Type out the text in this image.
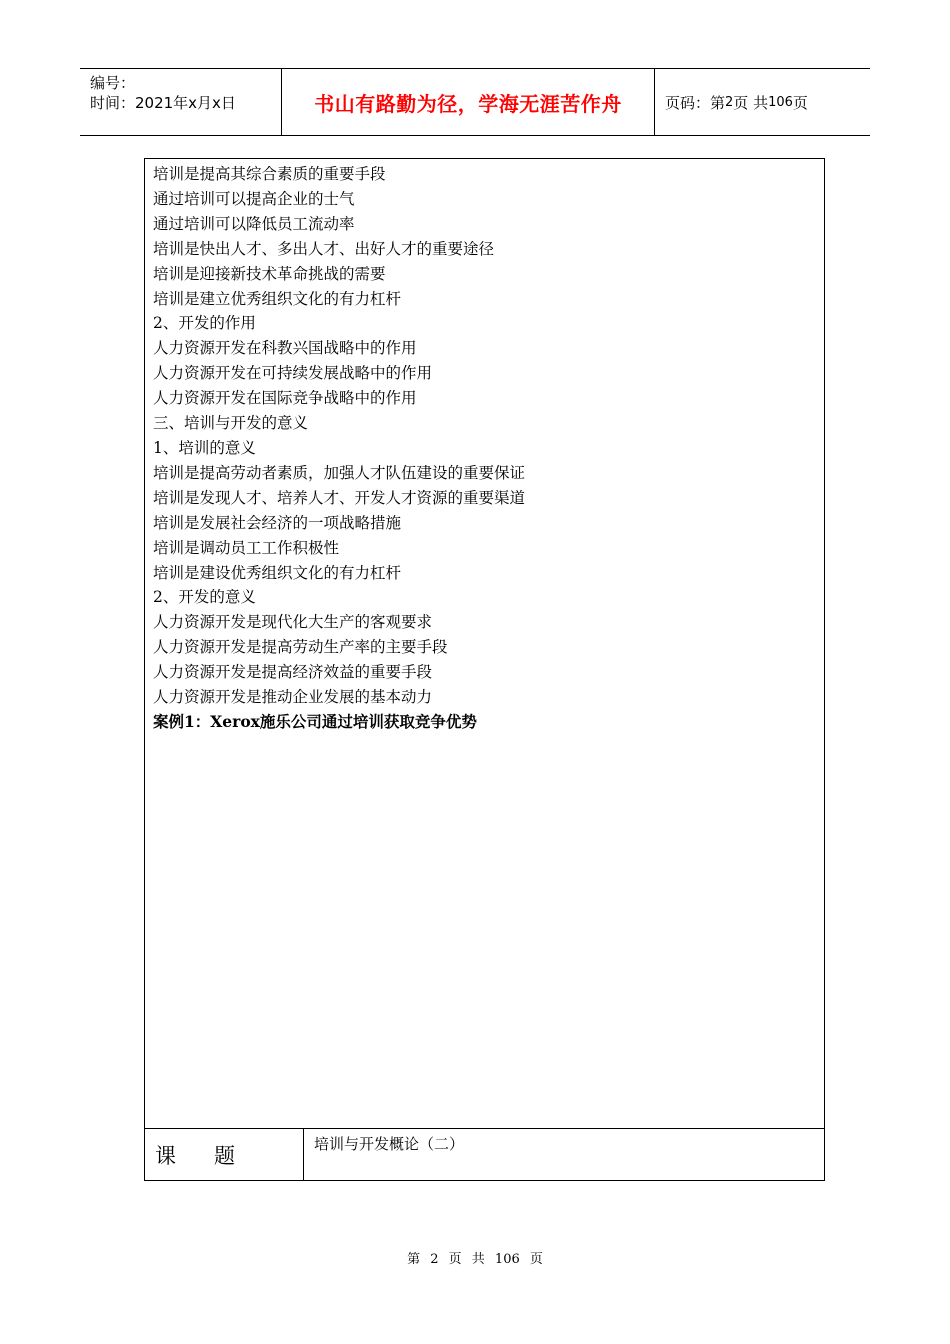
编号：
时间：2021年x月x日	书山有路勤为径，学海无涯苦作舟	页码：第 2 页 共 106 页
培训是提高其综合素质的重要手段
通过培训可以提高企业的士气
通过培训可以降低员工流动率
培训是快出人才、多出人才、出好人才的重要途径
培训是迎接新技术革命挑战的需要
培训是建立优秀组织文化的有力杠杆
2、开发的作用
人力资源开发在科教兴国战略中的作用
人力资源开发在可持续发展战略中的作用
人力资源开发在国际竞争战略中的作用
三、培训与开发的意义
1、培训的意义
培训是提高劳动者素质，加强人才队伍建设的重要保证
培训是发现人才、培养人才、开发人才资源的重要渠道
培训是发展社会经济的一项战略措施
培训是调动员工工作积极性
培训是建设优秀组织文化的有力杠杆
2、开发的意义
人力资源开发是现代化大生产的客观要求
人力资源开发是提高劳动生产率的主要手段
人力资源开发是提高经济效益的重要手段
人力资源开发是推动企业发展的基本动力
案例1：Xerox施乐公司通过培训获取竞争优势
课题	培训与开发概论（二）
第 2 页 共 106 页
